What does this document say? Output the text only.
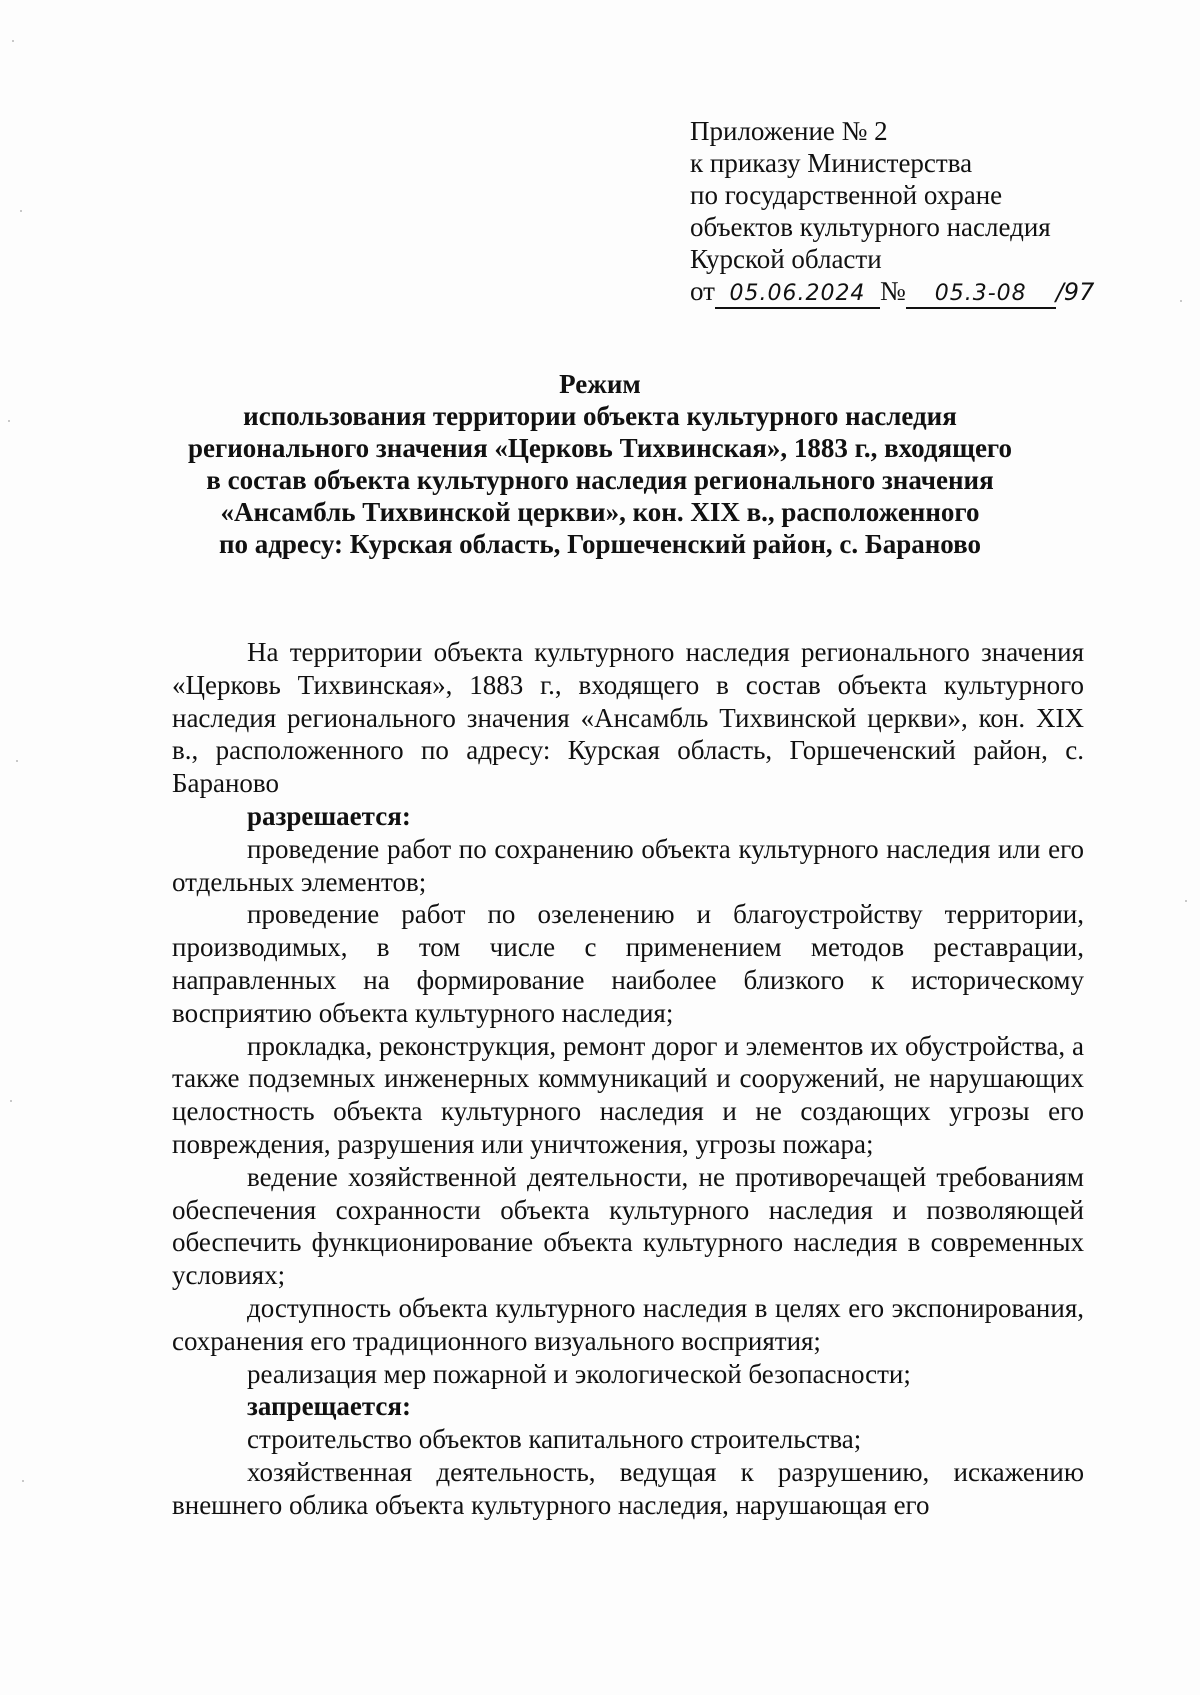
Приложение № 2
к приказу Министерства
по государственной охране
объектов культурного наследия
Курской области
от 05.06.2024 № 05.3-08 /97
Режим
использования территории объекта культурного наследия
регионального значения «Церковь Тихвинская», 1883 г., входящего
в состав объекта культурного наследия регионального значения
«Ансамбль Тихвинской церкви», кон. XIX в., расположенного
по адресу: Курская область, Горшеченский район, с. Бараново

На территории объекта культурного наследия регионального значения «Церковь Тихвинская», 1883 г., входящего в состав объекта культурного наследия регионального значения «Ансамбль Тихвинской церкви», кон. XIX в., расположенного по адресу: Курская область, Горшеченский район, с. Бараново

разрешается:

проведение работ по сохранению объекта культурного наследия или его отдельных элементов;

проведение работ по озеленению и благоустройству территории, производимых, в том числе с применением методов реставрации, направленных на формирование наиболее близкого к историческому восприятию объекта культурного наследия;

прокладка, реконструкция, ремонт дорог и элементов их обустройства, а также подземных инженерных коммуникаций и сооружений, не нарушающих целостность объекта культурного наследия и не создающих угрозы его повреждения, разрушения или уничтожения, угрозы пожара;

ведение хозяйственной деятельности, не противоречащей требованиям обеспечения сохранности объекта культурного наследия и позволяющей обеспечить функционирование объекта культурного наследия в современных условиях;

доступность объекта культурного наследия в целях его экспонирования, сохранения его традиционного визуального восприятия;

реализация мер пожарной и экологической безопасности;

запрещается:

строительство объектов капитального строительства;

хозяйственная деятельность, ведущая к разрушению, искажению внешнего облика объекта культурного наследия, нарушающая его
